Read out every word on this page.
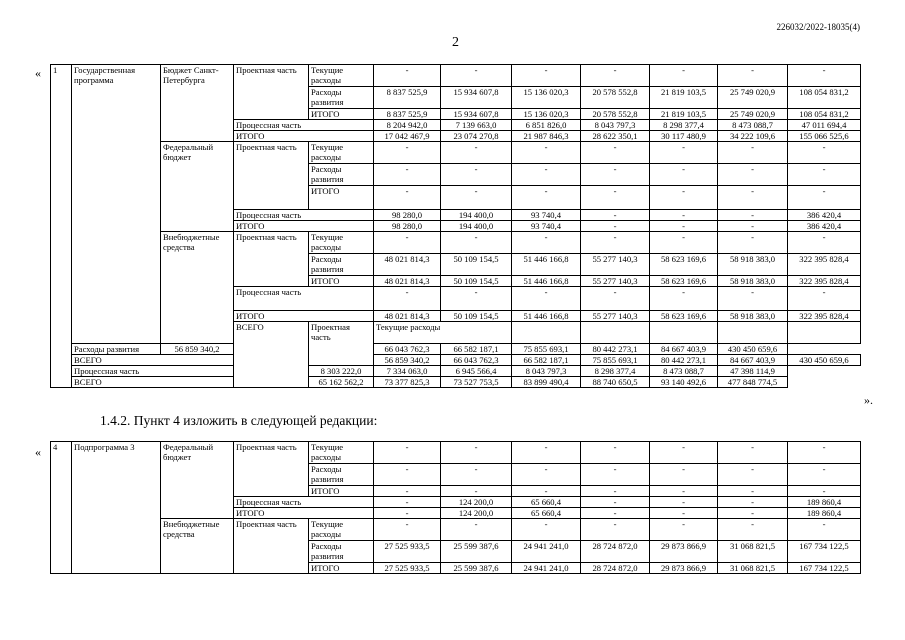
226032/2022-18035(4)
2
« 1	Государственная программа	Бюджет Санкт-Петербурга	Проектная часть	Текущие расходы	-	-	-	-	-	-	-	
				Расходы развития	8 837 525,9	15 934 607,8	15 136 020,3	20 578 552,8	21 819 103,5	25 749 020,9	108 054 831,2	
				ИТОГО	8 837 525,9	15 934 607,8	15 136 020,3	20 578 552,8	21 819 103,5	25 749 020,9	108 054 831,2	
			Процессная часть		8 204 942,0	7 139 663,0	6 851 826,0	8 043 797,3	8 298 377,4	8 473 088,7	47 011 694,4	
			ИТОГО		17 042 467,9	23 074 270,8	21 987 846,3	28 622 350,1	30 117 480,9	34 222 109,6	155 066 525,6	
		Федеральный бюджет	Проектная часть	Текущие расходы	-	-	-	-	-	-	-	
				Расходы развития	-	-	-	-	-	-	-	
				ИТОГО	-	-	-	-	-	-	-	
			Процессная часть		98 280,0	194 400,0	93 740,4	-	-	-	386 420,4	
			ИТОГО		98 280,0	194 400,0	93 740,4	-	-	-	386 420,4	
		Внебюджетные средства	Проектная часть	Текущие расходы	-	-	-	-	-	-	-	
				Расходы развития	48 021 814,3	50 109 154,5	51 446 166,8	55 277 140,3	58 623 169,6	58 918 383,0	322 395 828,4	
				ИТОГО	48 021 814,3	50 109 154,5	51 446 166,8	55 277 140,3	58 623 169,6	58 918 383,0	322 395 828,4	
			Процессная часть		-	-	-	-	-	-	-	
			ИТОГО		48 021 814,3	50 109 154,5	51 446 166,8	55 277 140,3	58 623 169,6	58 918 383,0	322 395 828,4	
			ВСЕГО	Проектная часть	Текущие расходы							
	Расходы развития	56 859 340,2			66 043 762,3	66 582 187,1	75 855 693,1	80 442 273,1	84 667 403,9	430 450 659,6		
	ВСЕГО				56 859 340,2	66 043 762,3	66 582 187,1	75 855 693,1	80 442 273,1	84 667 403,9	430 450 659,6	
	Процессная часть			8 303 222,0	7 334 063,0	6 945 566,4	8 043 797,3	8 298 377,4	8 473 088,7	47 398 114,9		
	ВСЕГО			65 162 562,2	73 377 825,3	73 527 753,5	83 899 490,4	88 740 650,5	93 140 492,6	477 848 774,5		
».
1.4.2. Пункт 4 изложить в следующей редакции:
« 4	Подпрограмма 3	Федеральный бюджет	Проектная часть	Текущие расходы	-	-	-	-	-	-	-
				Расходы развития	-	-	-	-	-	-	-
				ИТОГО	-	-	-	-	-	-	-
			Процессная часть		-	124 200,0	65 660,4	-	-	-	189 860,4
			ИТОГО		-	124 200,0	65 660,4	-	-	-	189 860,4
		Внебюджетные средства	Проектная часть	Текущие расходы	-	-	-	-	-	-	-
				Расходы развития	27 525 933,5	25 599 387,6	24 941 241,0	28 724 872,0	29 873 866,9	31 068 821,5	167 734 122,5
				ИТОГО	27 525 933,5	25 599 387,6	24 941 241,0	28 724 872,0	29 873 866,9	31 068 821,5	167 734 122,5
